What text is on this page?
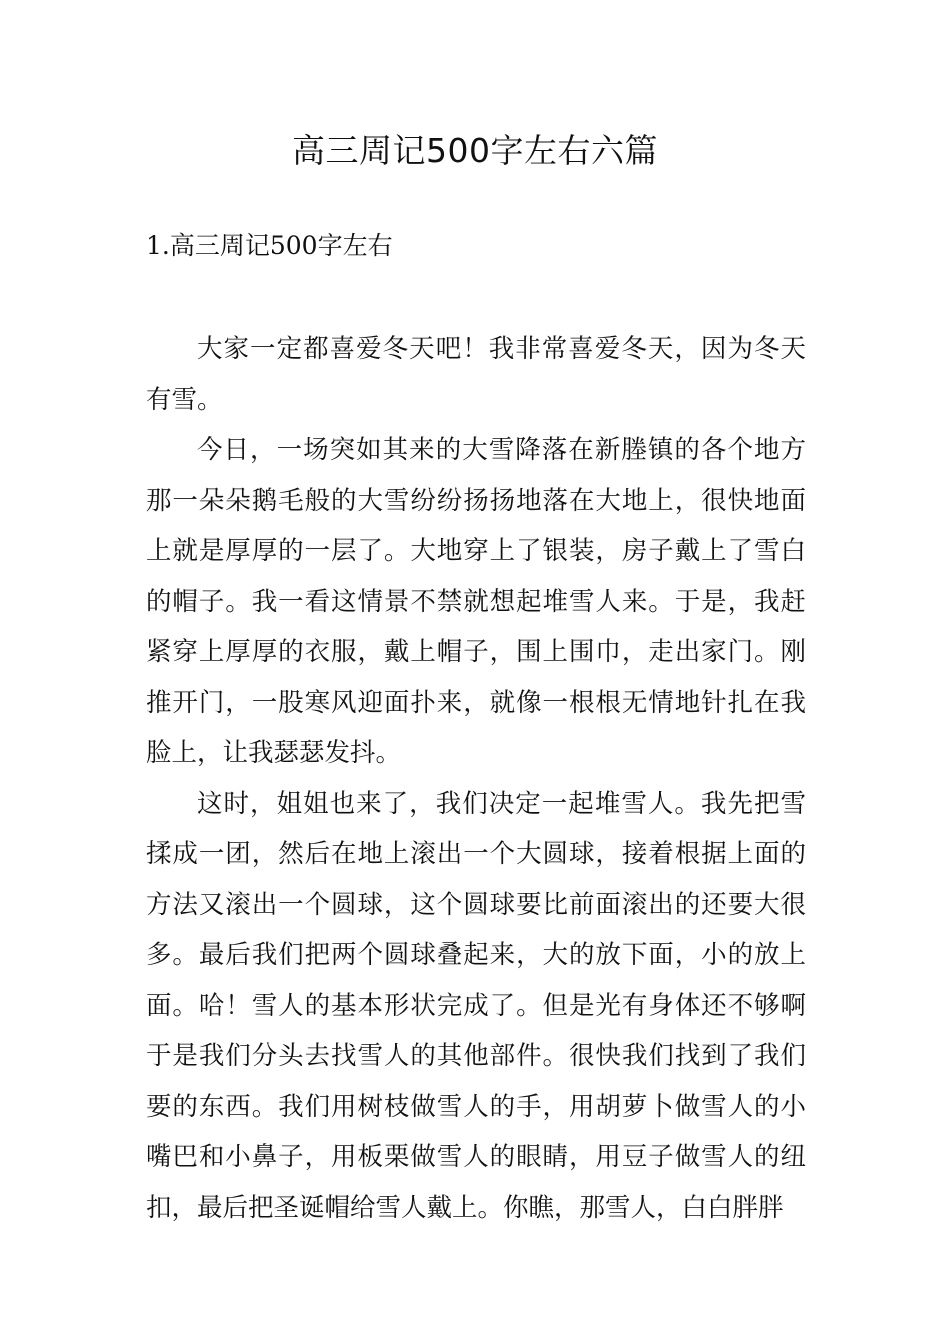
高三周记500字左右六篇
1.高三周记500字左右

大家一定都喜爱冬天吧！我非常喜爱冬天，因为冬天有雪。

今日，一场突如其来的大雪降落在新塍镇的各个地方那一朵朵鹅毛般的大雪纷纷扬扬地落在大地上，很快地面上就是厚厚的一层了。大地穿上了银装，房子戴上了雪白的帽子。我一看这情景不禁就想起堆雪人来。于是，我赶紧穿上厚厚的衣服，戴上帽子，围上围巾，走出家门。刚推开门，一股寒风迎面扑来，就像一根根无情地针扎在我脸上，让我瑟瑟发抖。

这时，姐姐也来了，我们决定一起堆雪人。我先把雪揉成一团，然后在地上滚出一个大圆球，接着根据上面的方法又滚出一个圆球，这个圆球要比前面滚出的还要大很多。最后我们把两个圆球叠起来，大的放下面，小的放上面。哈！雪人的基本形状完成了。但是光有身体还不够啊于是我们分头去找雪人的其他部件。很快我们找到了我们要的东西。我们用树枝做雪人的手，用胡萝卜做雪人的小嘴巴和小鼻子，用板栗做雪人的眼睛，用豆子做雪人的纽扣，最后把圣诞帽给雪人戴上。你瞧，那雪人，白白胖胖
